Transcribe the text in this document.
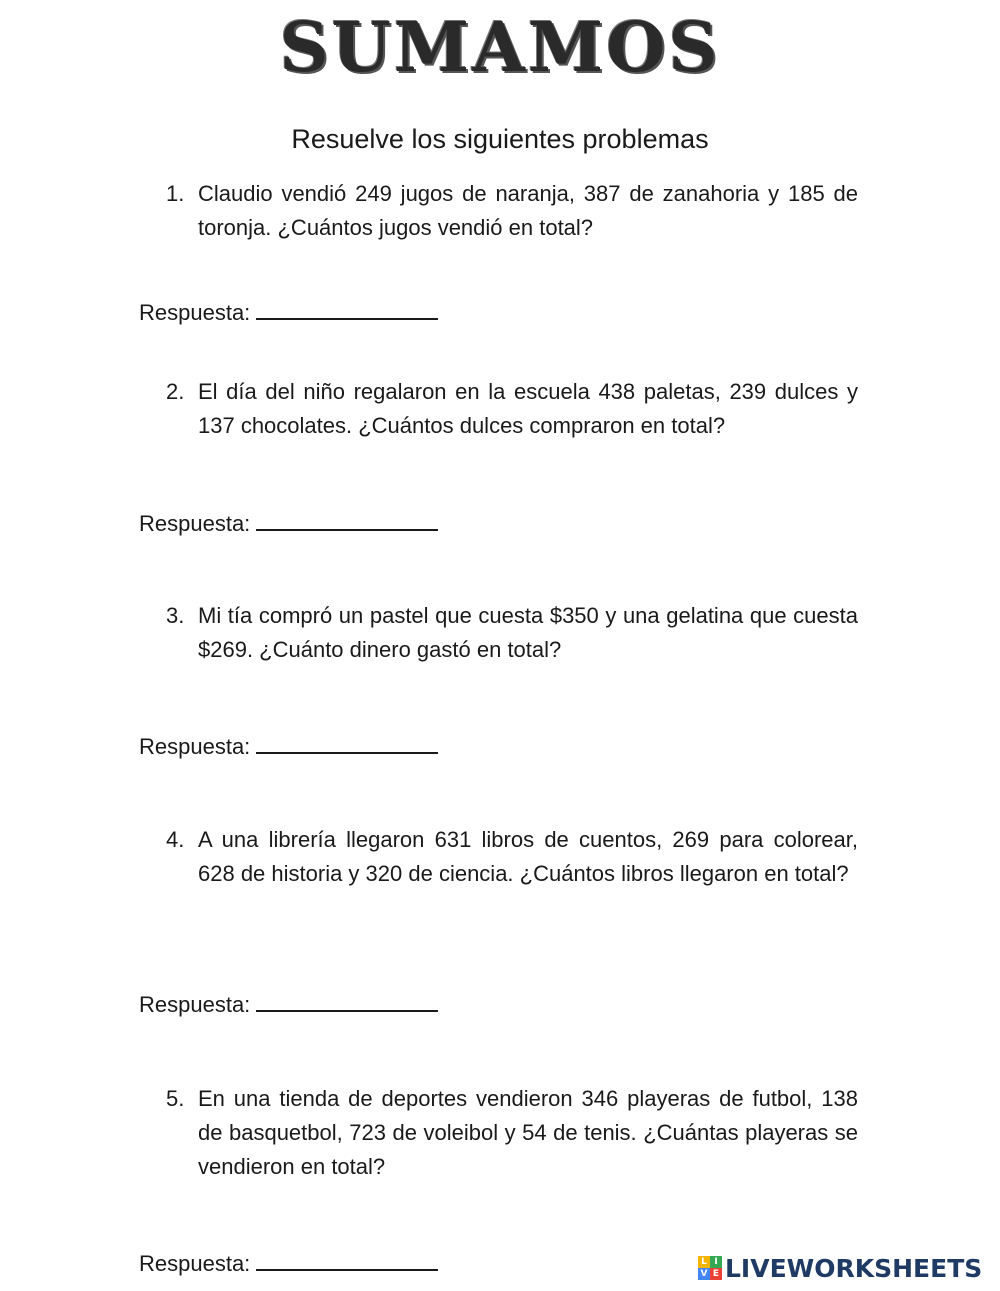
SUMAMOS
Resuelve los siguientes problemas
1. Claudio vendió 249 jugos de naranja, 387 de zanahoria y 185 de toronja. ¿Cuántos jugos vendió en total?
Respuesta:
2. El día del niño regalaron en la escuela 438 paletas, 239 dulces y 137 chocolates. ¿Cuántos dulces compraron en total?
Respuesta:
3. Mi tía compró un pastel que cuesta $350 y una gelatina que cuesta $269. ¿Cuánto dinero gastó en total?
Respuesta:
4. A una librería llegaron 631 libros de cuentos, 269 para colorear, 628 de historia y 320 de ciencia. ¿Cuántos libros llegaron en total?
Respuesta:
5. En una tienda de deportes vendieron 346 playeras de futbol, 138 de basquetbol, 723 de voleibol y 54 de tenis. ¿Cuántas playeras se vendieron en total?
Respuesta:	L I
V E LIVEWORKSHEETS
